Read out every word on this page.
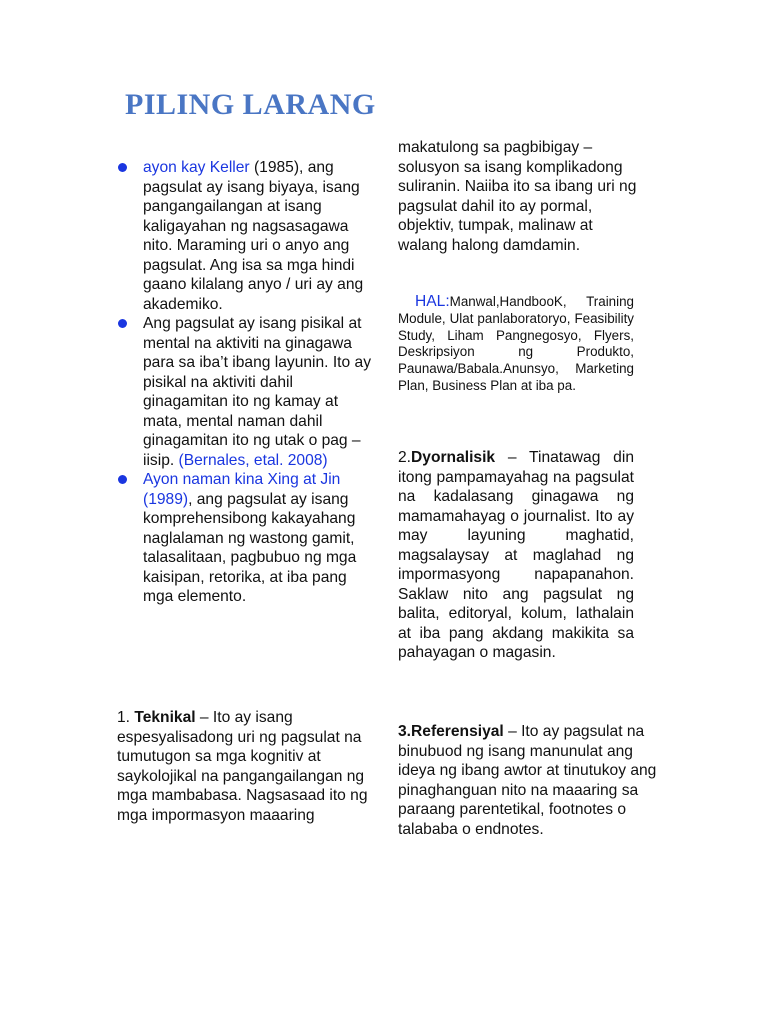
PILING LARANG
ayon kay Keller (1985), ang pagsulat ay isang biyaya, isang pangangailangan at isang kaligayahan ng nagsasagawa nito. Maraming uri o anyo ang pagsulat. Ang isa sa mga hindi gaano kilalang anyo / uri ay ang akademiko.
Ang pagsulat ay isang pisikal at mental na aktiviti na ginagawa para sa iba’t ibang layunin. Ito ay pisikal na aktiviti dahil ginagamitan ito ng kamay at mata, mental naman dahil ginagamitan ito ng utak o pag – iisip. (Bernales, etal. 2008)
Ayon naman kina Xing at Jin (1989), ang pagsulat ay isang komprehensibong kakayahang naglalaman ng wastong gamit, talasalitaan, pagbubuo ng mga kaisipan, retorika, at iba pang mga elemento.
1. Teknikal – Ito ay isang espesyalisadong uri ng pagsulat na tumutugon sa mga kognitiv at saykolojikal na pangangailangan ng mga mambabasa. Nagsasaad ito ng mga impormasyon maaaring
makatulong sa pagbibigay – solusyon sa isang komplikadong suliranin. Naiiba ito sa ibang uri ng pagsulat dahil ito ay pormal, objektiv, tumpak, malinaw at walang halong damdamin.
HAL:Manwal,HandbooK, Training Module, Ulat panlaboratoryo, Feasibility Study, Liham Pangnegosyo, Flyers, Deskripsiyon ng Produkto, Paunawa/Babala.Anunsyo, Marketing Plan, Business Plan at iba pa.
2.Dyornalisik – Tinatawag din itong pampamayahag na pagsulat na kadalasang ginagawa ng mamamahayag o journalist. Ito ay may layuning maghatid, magsalaysay at maglahad ng impormasyong napapanahon. Saklaw nito ang pagsulat ng balita, editoryal, kolum, lathalain at iba pang akdang makikita sa pahayagan o magasin.
3.Referensiyal – Ito ay pagsulat na binubuod ng isang manunulat ang ideya ng ibang awtor at tinutukoy ang pinaghanguan nito na maaaring sa paraang parentetikal, footnotes o talababa o endnotes.
